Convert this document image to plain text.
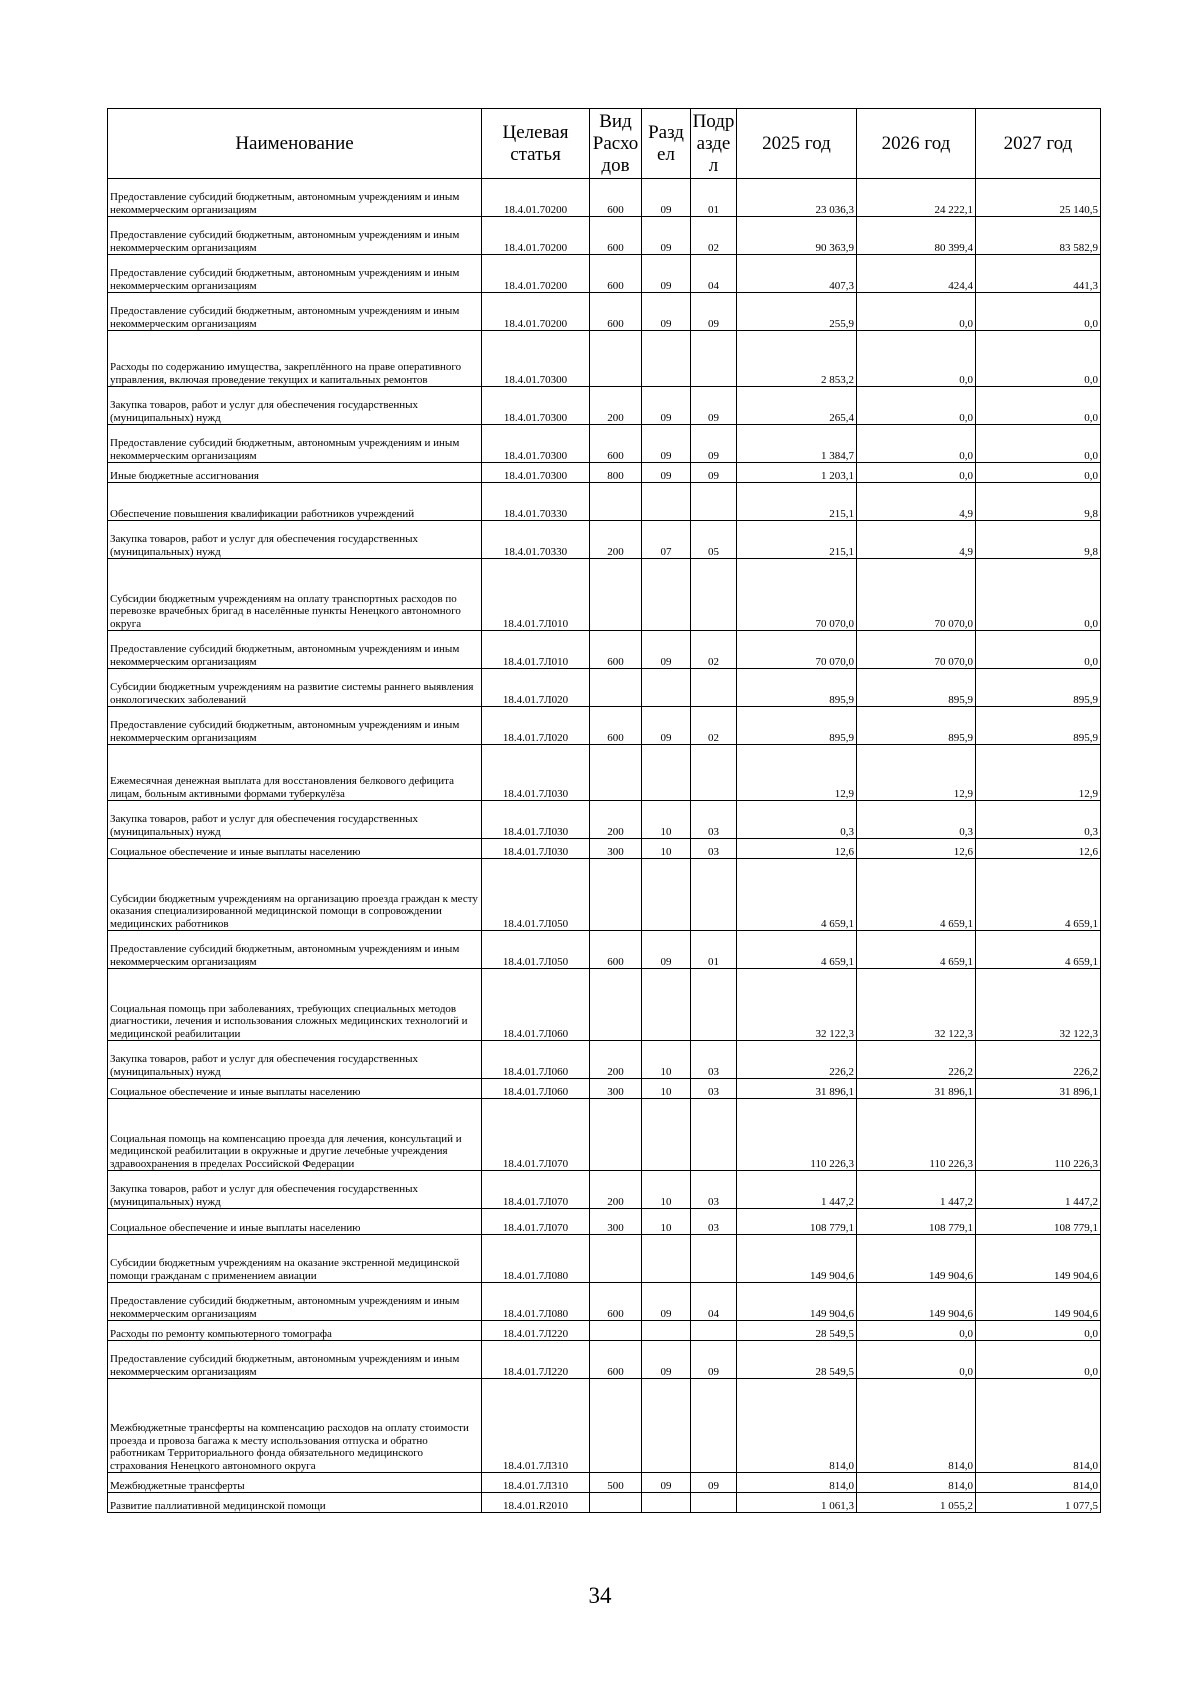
Наименование	Целевая статья	Вид Расхо дов	Разд ел	Подр азде л	2025 год	2026 год	2027 год
Предоставление субсидий бюджетным, автономным учреждениям и иным некоммерческим организациям	18.4.01.70200	600	09	01	23 036,3	24 222,1	25 140,5
Предоставление субсидий бюджетным, автономным учреждениям и иным некоммерческим организациям	18.4.01.70200	600	09	02	90 363,9	80 399,4	83 582,9
Предоставление субсидий бюджетным, автономным учреждениям и иным некоммерческим организациям	18.4.01.70200	600	09	04	407,3	424,4	441,3
Предоставление субсидий бюджетным, автономным учреждениям и иным некоммерческим организациям	18.4.01.70200	600	09	09	255,9	0,0	0,0
Расходы по содержанию имущества, закреплённого на праве оперативного управления, включая проведение текущих и капитальных ремонтов	18.4.01.70300				2 853,2	0,0	0,0
Закупка товаров, работ и услуг для обеспечения государственных (муниципальных) нужд	18.4.01.70300	200	09	09	265,4	0,0	0,0
Предоставление субсидий бюджетным, автономным учреждениям и иным некоммерческим организациям	18.4.01.70300	600	09	09	1 384,7	0,0	0,0
Иные бюджетные ассигнования	18.4.01.70300	800	09	09	1 203,1	0,0	0,0
Обеспечение повышения квалификации работников учреждений	18.4.01.70330				215,1	4,9	9,8
Закупка товаров, работ и услуг для обеспечения государственных (муниципальных) нужд	18.4.01.70330	200	07	05	215,1	4,9	9,8
Субсидии бюджетным учреждениям на оплату транспортных расходов по перевозке врачебных бригад в населённые пункты Ненецкого автономного округа	18.4.01.7Л010				70 070,0	70 070,0	0,0
Предоставление субсидий бюджетным, автономным учреждениям и иным некоммерческим организациям	18.4.01.7Л010	600	09	02	70 070,0	70 070,0	0,0
Субсидии бюджетным учреждениям на развитие системы раннего выявления онкологических заболеваний	18.4.01.7Л020				895,9	895,9	895,9
Предоставление субсидий бюджетным, автономным учреждениям и иным некоммерческим организациям	18.4.01.7Л020	600	09	02	895,9	895,9	895,9
Ежемесячная денежная выплата для восстановления белкового дефицита лицам, больным активными формами туберкулёза	18.4.01.7Л030				12,9	12,9	12,9
Закупка товаров, работ и услуг для обеспечения государственных (муниципальных) нужд	18.4.01.7Л030	200	10	03	0,3	0,3	0,3
Социальное обеспечение и иные выплаты населению	18.4.01.7Л030	300	10	03	12,6	12,6	12,6
Субсидии бюджетным учреждениям на организацию проезда граждан к месту оказания специализированной медицинской помощи в сопровождении медицинских работников	18.4.01.7Л050				4 659,1	4 659,1	4 659,1
Предоставление субсидий бюджетным, автономным учреждениям и иным некоммерческим организациям	18.4.01.7Л050	600	09	01	4 659,1	4 659,1	4 659,1
Социальная помощь при заболеваниях, требующих специальных методов диагностики, лечения и использования сложных медицинских технологий и медицинской реабилитации	18.4.01.7Л060				32 122,3	32 122,3	32 122,3
Закупка товаров, работ и услуг для обеспечения государственных (муниципальных) нужд	18.4.01.7Л060	200	10	03	226,2	226,2	226,2
Социальное обеспечение и иные выплаты населению	18.4.01.7Л060	300	10	03	31 896,1	31 896,1	31 896,1
Социальная помощь на компенсацию проезда для лечения, консультаций и медицинской реабилитации в окружные и другие лечебные учреждения здравоохранения в пределах Российской Федерации	18.4.01.7Л070				110 226,3	110 226,3	110 226,3
Закупка товаров, работ и услуг для обеспечения государственных (муниципальных) нужд	18.4.01.7Л070	200	10	03	1 447,2	1 447,2	1 447,2
Социальное обеспечение и иные выплаты населению	18.4.01.7Л070	300	10	03	108 779,1	108 779,1	108 779,1
Субсидии бюджетным учреждениям на оказание экстренной медицинской помощи гражданам с применением авиации	18.4.01.7Л080				149 904,6	149 904,6	149 904,6
Предоставление субсидий бюджетным, автономным учреждениям и иным некоммерческим организациям	18.4.01.7Л080	600	09	04	149 904,6	149 904,6	149 904,6
Расходы по ремонту компьютерного томографа	18.4.01.7Л220				28 549,5	0,0	0,0
Предоставление субсидий бюджетным, автономным учреждениям и иным некоммерческим организациям	18.4.01.7Л220	600	09	09	28 549,5	0,0	0,0
Межбюджетные трансферты на компенсацию расходов на оплату стоимости проезда и провоза багажа к месту использования отпуска и обратно работникам Территориального фонда обязательного медицинского страхования Ненецкого автономного округа	18.4.01.7Л310				814,0	814,0	814,0
Межбюджетные трансферты	18.4.01.7Л310	500	09	09	814,0	814,0	814,0
Развитие паллиативной медицинской помощи	18.4.01.R2010				1 061,3	1 055,2	1 077,5
34
